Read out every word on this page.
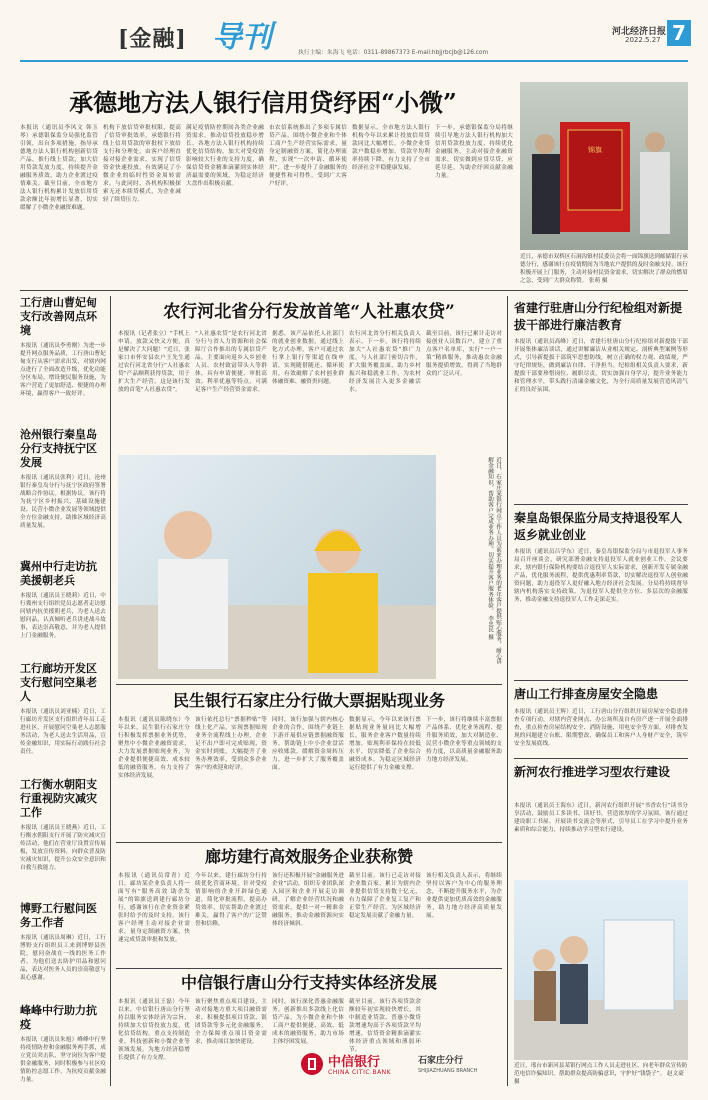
[金融] 导刊	执行主编：朱海飞 电话：0311-89867373 E-mail:hbjjrbcjb@126.com
河北经济日报
2022.5.27 7
承德地方法人银行信用贷纾困“小微”
本报讯（通讯员李风文 韩玉琴）承德银保监分局强化监管引领，出台多项措施，指导承德地方法人银行机构创新信贷产品，推行线上贷款，加大信用贷款发放力度，持续提升金融服务质效，助力企业渡过疫情难关。截至目前，全市地方法人银行机构累计发放信用贷款余额比年初增长显著，切实缓解了小微企业融资难题。
机构下放信贷审批权限，提高了信贷审批效率，承德银行将线上信用贷款的审批权下放给支行和分理处，由客户经理直接对接企业需求，实现了信贷资金快速投放，有效满足了小微企业的临时性资金周转需求。与此同时，各机构积极探索无还本续贷模式，为企业减轻了续贷压力。
满足疫情防控期间各类企业融资需求，推动信贷投放稳步增长。各地方法人银行机构持续优化信贷结构，加大对受疫情影响较大行业的支持力度，确保信贷资金精准滴灌到实体经济最需要的领域，为稳定经济大盘作出积极贡献。
市农信系统推出了多项专属信贷产品，围绕小微企业和个体工商户生产经营实际需求，量身定制融资方案，简化办理流程，实现“一次申请、循环使用”，进一步提升了金融服务的便捷性和可得性，受到广大客户好评。
数据显示，全市地方法人银行机构今年以来累计投放信用贷款同比大幅增长，小微企业贷款户数稳步增加，贷款平均利率持续下降，有力支持了全市经济社会平稳健康发展。
下一步，承德银保监分局将继续引导地方法人银行机构加大信用贷款投放力度，持续优化金融服务，主动对接企业融资需求，切实做到应贷尽贷、应延尽延，为助企纾困贡献金融力量。
锦旗
近日，承德市双桥区石洞沟镇村民委员会将一面锦旗送到邮储银行承德分行，感谢该行在疫情期间为当地农户提供的及时金融支持。该行积极开展上门服务，主动对接村民资金需求，切实解决了群众的燃眉之急，受到广大群众称赞。 张萌 摄
工行唐山曹妃甸支行改善网点环境
本报讯（通讯员李勇刚）为进一步提升网点服务品质，工行唐山曹妃甸支行从客户需求出发，对辖内网点进行了全面改造升级，优化功能分区布局，增设便民服务设施，为客户营造了更加舒适、便捷的办理环境，赢得客户一致好评。
沧州银行秦皇岛分行支持抚宁区发展
本报讯（通讯员张利）近日，沧州银行秦皇岛分行与抚宁区政府签署战略合作协议。根据协议，该行将为抚宁区乡村振兴、基础设施建设、民营小微企业发展等领域提供全方位金融支持，助推区域经济高质量发展。
冀州中行走访抗美援朝老兵
本报讯（通讯员王晓莉）近日，中行冀州支行组织党员志愿者走访慰问辖内抗美援朝老兵，为老人送去慰问品，认真倾听老兵讲述战斗故事，表达崇高敬意，并为老人提供上门金融服务。
工行廊坊开发区支行慰问空巢老人
本报讯（通讯员刘亚楠）近日，工行廊坊开发区支行组织青年员工走进社区，开展慰问空巢老人志愿服务活动，为老人送去生活用品，宣传金融知识，用实际行动践行社会责任。
工行衡水朝阳支行重视防灾减灾工作
本报讯（通讯员王晓燕）近日，工行衡水朝阳支行开展了防灾减灾宣传活动，他们在营业厅设置宣传展板，发放宣传资料，向群众普及防灾减灾知识，提升公众安全意识和自救互救能力。
博野工行慰问医务工作者
本报讯（通讯员周琳）近日，工行博野支行组织员工来到博野县医院，慰问奋战在一线的医务工作者，为他们送去防护用品和慰问品，表达对医务人员的崇高敬意与衷心感谢。
峰峰中行助力抗疫
本报讯（通讯员朱旭）峰峰中行坚持疫情防控和金融服务两手抓，成立党员突击队，坚守岗位为客户提供金融服务，同时积极参与社区疫情防控志愿工作，为抗疫贡献金融力量。
农行河北省分行发放首笔“人社惠农贷”
本报讯（记者张立）“手机上申请，放款又快又方便，真是解决了大问题！”近日，张家口市怀安县农户王先生通过农行河北省分行“人社惠农贷”产品顺利获得贷款，用于扩大生产经营。这是该行发放的首笔“人社惠农贷”。
“人社惠农贷”是农行河北省分行与省人力资源和社会保障厅合作推出的专属信贷产品，主要面向返乡入乡创业人员、农村致富带头人等群体，具有申请便捷、审批高效、利率优惠等特点，可满足客户生产经营资金需求。
据悉，该产品依托人社部门的就业创业数据，通过线上化方式办理，客户可通过农行掌上银行等渠道在线申请，实现随借随还、循环使用，有效破解了农村创业群体融资难、融资贵问题。
农行河北省分行相关负责人表示，下一步，该行将持续加大“人社惠农贷”推广力度，与人社部门密切合作，扩大服务覆盖面，助力乡村振兴和稳就业工作，为农村经济发展注入更多金融活水。
截至目前，该行已累计走访对接创业人员数百户，建立了重点客户名单库，实行“一户一策”精准服务，推动惠农金融服务提质增效，得到了当地群众的广泛认可。
近日，石家庄某银行网点工作人员为前来办理业务的老年客户提供贴心服务，耐心讲解金融知识，帮助客户完成业务办理，切实提升客户服务体验。 李忠民 摄
民生银行石家庄分行做大票据贴现业务
本报讯（通讯员陈晓东）今年以来，民生银行石家庄分行积极发挥票据业务优势，聚焦中小微企业融资需求，大力发展票据贴现业务，为企业提供便捷高效、成本较低的融资服务，有力支持了实体经济发展。
该行依托总行“票据秒贴”等线上化产品，实现票据贴现业务全流程线上办理，企业足不出户即可完成贴现，资金实时到账，大幅提升了业务办理效率，受到众多企业客户的欢迎和好评。
同时，该行加强与辖内核心企业的合作，围绕产业链上下游开展供应链票据融资服务，帮助链上中小企业盘活应收账款，缓解资金周转压力，进一步扩大了服务覆盖面。
数据显示，今年以来该行票据贴现业务量同比大幅增长，服务企业客户数量持续增加，贴现利率保持在较低水平，切实降低了企业综合融资成本，为稳定区域经济运行提供了有力金融支撑。
下一步，该行将继续丰富票据产品体系，优化业务流程，提升服务质效，加大对制造业、民营小微企业等重点领域的支持力度，以高质量金融服务助力地方经济发展。
廊坊建行高效服务企业获称赞
本报讯（通讯员常青）近日，廊坊某企业负责人将一面写有“服务高效 助企发展”的锦旗送到建行廊坊分行，感谢该行在企业资金紧张时给予的及时支持。该行客户经理主动对接企业需求，量身定制融资方案，快速完成贷款审批和发放。
今年以来，建行廊坊分行持续优化营商环境，针对受疫情影响的企业开辟绿色通道，简化审批流程，提高办贷效率，切实帮助企业渡过难关，赢得了客户的广泛赞誉和信赖。
该行还积极开展“金融服务进企业”活动，组织专业团队深入园区和企业开展走访调研，了解企业经营状况和融资需求，提供一对一精准金融服务，推动金融资源向实体经济倾斜。
截至目前，该行已走访对接企业数百家，累计为辖内企业提供信贷支持数十亿元，有力保障了企业复工复产和正常生产经营，为区域经济稳定发展贡献了金融力量。
该行相关负责人表示，将继续坚持以客户为中心的服务理念，不断提升服务水平，为企业提供更加优质高效的金融服务，助力地方经济高质量发展。
中信银行唐山分行支持实体经济发展
本报讯（通讯员王磊）今年以来，中信银行唐山分行坚持以服务实体经济为宗旨，持续加大信贷投放力度，优化信贷结构，重点支持制造业、科技创新和小微企业等领域发展，为地方经济稳增长提供了有力支撑。
该行聚焦重点项目建设，主动对接地方重大项目融资需求，积极提供项目贷款、银团贷款等多元化金融服务，全力保障重点项目资金需求，推动项目加快建设。
同时，该行深化普惠金融服务，创新推出多款线上化信贷产品，为小微企业和个体工商户提供便捷、高效、低成本的融资服务，助力市场主体纾困发展。
截至目前，该行各项贷款余额较年初实现较快增长，其中制造业贷款、普惠小微贷款增速均高于各项贷款平均增速，信贷资金精准滴灌实体经济重点领域和薄弱环节。
中信银行
CHINA CITIC BANK
石家庄分行
SHIJIAZHUANG BRANCH
省建行驻唐山分行纪检组对新提拔干部进行廉洁教育
本报讯（通讯员高峰）近日，省建行驻唐山分行纪检组对新提拔干部开展集体廉洁谈话，通过讲解廉洁从业相关规定、剖析典型案例等形式，引导新提拔干部筑牢思想防线，树立正确的权力观、政绩观，严守纪律规矩，做到廉洁自律、干净担当。纪检组相关负责人要求，新提拔干部要珍惜岗位、履职尽责，切实加强自身学习，提升业务能力和管理水平，带头践行清廉金融文化，为全行高质量发展营造风清气正的良好氛围。
秦皇岛银保监分局支持退役军人返乡就业创业
本报讯（通讯员吕学东）近日，秦皇岛银保监分局与市退役军人事务局召开座谈会，研究部署金融支持退役军人就业创业工作。会议要求，辖内银行保险机构要结合退役军人实际需求，创新开发专属金融产品，优化服务流程，提供优惠利率贷款，切实解决退役军人创业融资问题，助力退役军人更好融入地方经济社会发展。分局将持续督导辖内机构落实支持政策，为退役军人提供全方位、多层次的金融服务，推动金融支持退役军人工作走深走实。
唐山工行排查房屋安全隐患
本报讯（通讯员王辉）近日，工行唐山分行组织开展房屋安全隐患排查专项行动，对辖内营业网点、办公场所及自有房产逐一开展全面排查，重点检查房屋结构安全、消防设施、用电安全等方面，对排查发现的问题建立台账、限期整改，确保员工和客户人身财产安全，筑牢安全发展底线。
新河农行推进学习型农行建设
本报讯（通讯员王海东）近日，新河农行组织开展“书香农行”读书分享活动，鼓励员工多读书、读好书，营造浓厚的学习氛围。该行通过建设职工书屋、开展读书交流会等形式，引导员工在学习中提升业务素质和综合能力，持续推动学习型农行建设。
近日，邢台市新河县某银行网点工作人员走进社区，向老年群众宣传防范电信诈骗知识，帮助群众提高防骗意识，守护好“钱袋子”。 赵文豪 摄
